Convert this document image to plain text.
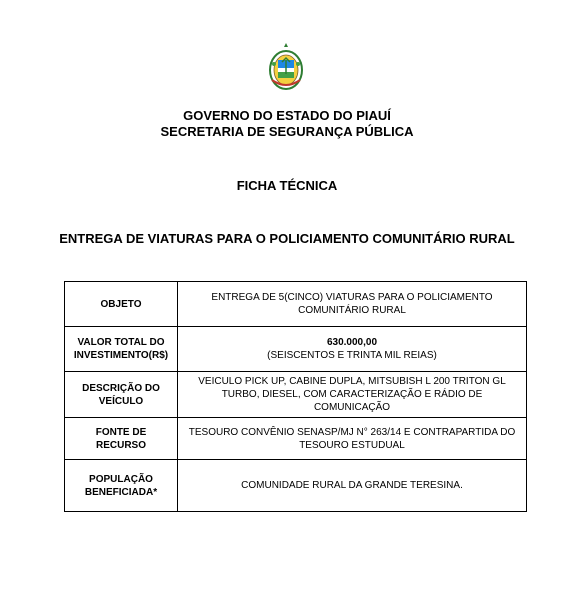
GOVERNO DO ESTADO DO PIAUÍ
SECRETARIA DE SEGURANÇA PÚBLICA
FICHA TÉCNICA
ENTREGA DE VIATURAS PARA O POLICIAMENTO COMUNITÁRIO RURAL
OBJETO	ENTREGA DE 5(CINCO) VIATURAS PARA O POLICIAMENTO COMUNITÁRIO RURAL
VALOR TOTAL DO INVESTIMENTO(R$)	630.000,00
(SEISCENTOS E TRINTA MIL REIAS)

DESCRIÇÃO DO VEÍCULO	VEICULO PICK UP, CABINE DUPLA, MITSUBISH L 200 TRITON GL TURBO, DIESEL, COM CARACTERIZAÇÃO E RÁDIO DE COMUNICAÇÃO
FONTE DE RECURSO	TESOURO CONVÊNIO SENASP/MJ N° 263/14 E CONTRAPARTIDA DO TESOURO ESTUDUAL
POPULAÇÃO BENEFICIADA*	COMUNIDADE RURAL DA GRANDE TERESINA.
